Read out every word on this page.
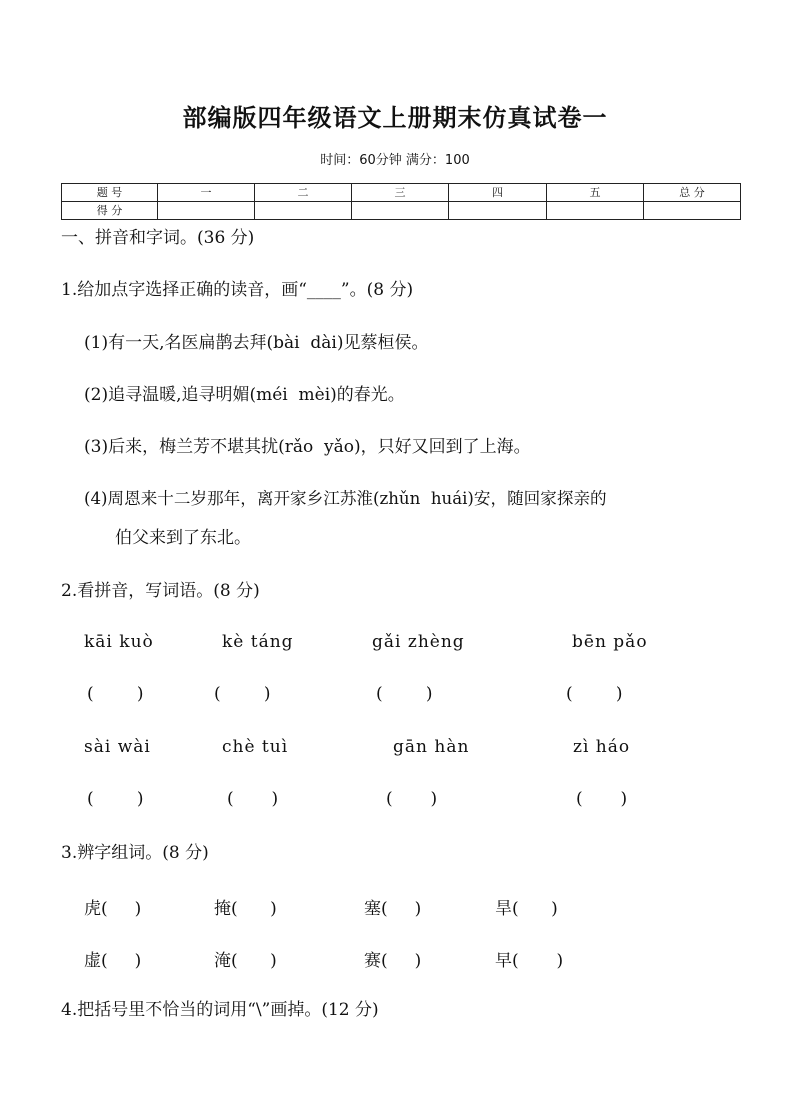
部编版四年级语文上册期末仿真试卷一
时间：60分钟 满分：100
题 号	一	二	三	四	五	总 分
得 分						
一、拼音和字词。(36 分)
1.给加点字选择正确的读音，画“____”。(8 分)
(1)有一天,名医扁鹊去拜(bài  dài)见蔡桓侯。
(2)追寻温暖,追寻明媚(méi  mèi)的春光。
(3)后来，梅兰芳不堪其扰(rǎo  yǎo)，只好又回到了上海。
(4)周恩来十二岁那年，离开家乡江苏淮(zhǔn  huái)安，随回家探亲的
伯父来到了东北。
2.看拼音，写词语。(8 分)
kāi kuò	kè táng	gǎi zhèng	bēn pǎo
(        )	(        )	(        )	(        )
sài wài	chè tuì	gān hàn	zì háo
(        )	(       )	(       )	(       )
3.辨字组词。(8 分)
虎(     )	掩(      )	塞(     )	旱(      )
虚(     )	淹(      )	赛(     )	早(       )
4.把括号里不恰当的词用“\”画掉。(12 分)
